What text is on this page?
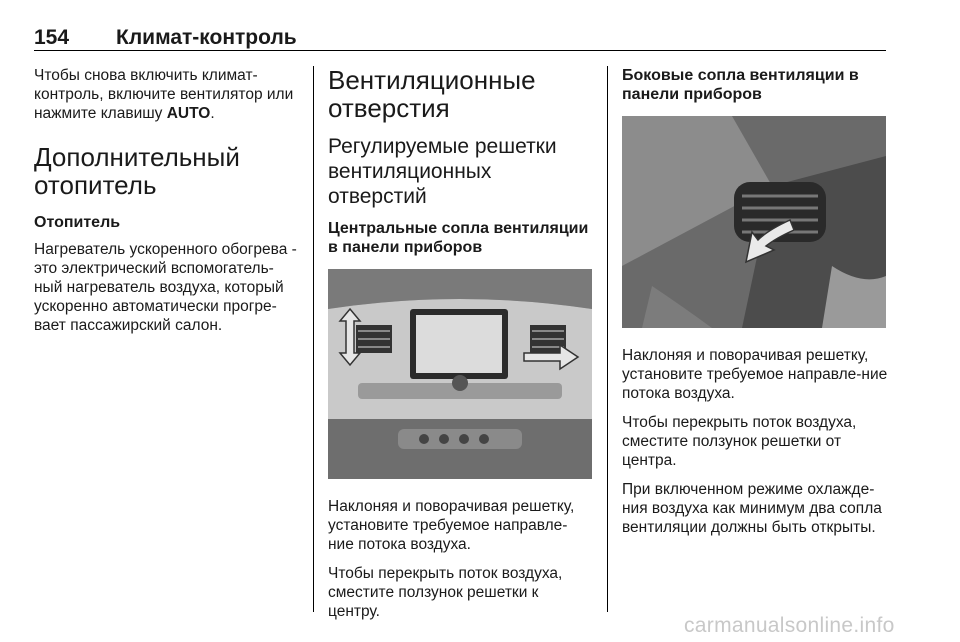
154 Климат-контроль

Чтобы снова включить климат-контроль, включите вентилятор или нажмите клавишу AUTO.

Дополнительный отопитель
Отопитель

Нагреватель ускоренного обогрева - это электрический вспомогатель-ный нагреватель воздуха, который ускоренно автоматически прогре-вает пассажирский салон.

Вентиляционные отверстия
Регулируемые решетки вентиляционных отверстий
Центральные сопла вентиляции в панели приборов

Наклоняя и поворачивая решетку, установите требуемое направле-ние потока воздуха.

Чтобы перекрыть поток воздуха, сместите ползунок решетки к центру.

Боковые сопла вентиляции в панели приборов

Наклоняя и поворачивая решетку, установите требуемое направле-ние потока воздуха.

Чтобы перекрыть поток воздуха, сместите ползунок решетки от центра.

При включенном режиме охлажде-ния воздуха как минимум два сопла вентиляции должны быть открыты.

carmanualsonline.info
